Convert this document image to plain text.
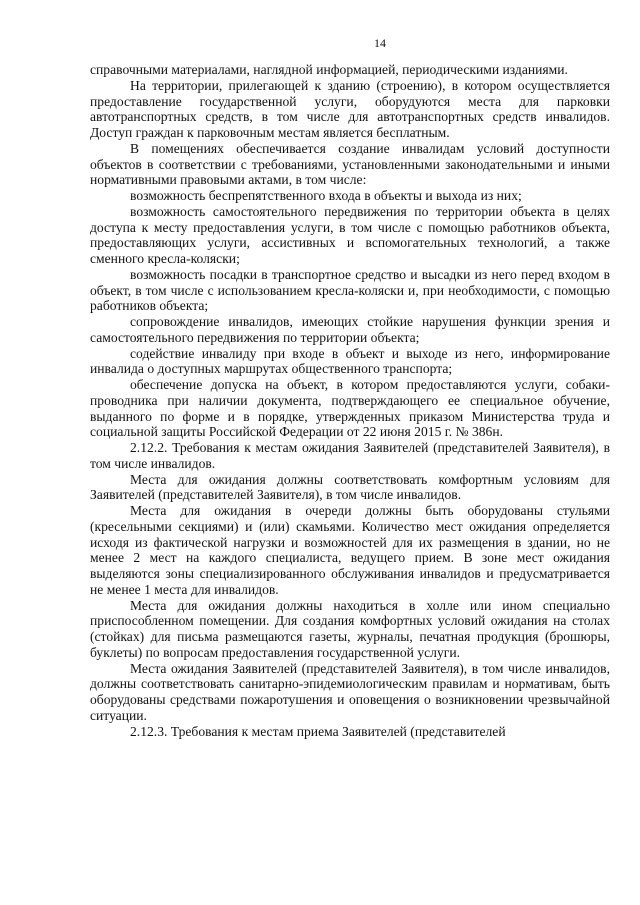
14

справочными материалами, наглядной информацией, периодическими изданиями.

На территории, прилегающей к зданию (строению), в котором осуществляется предоставление государственной услуги, оборудуются места для парковки автотранспортных средств, в том числе для автотранспортных средств инвалидов. Доступ граждан к парковочным местам является бесплатным.

В помещениях обеспечивается создание инвалидам условий доступности объектов в соответствии с требованиями, установленными законодательными и иными нормативными правовыми актами, в том числе:

возможность беспрепятственного входа в объекты и выхода из них;

возможность самостоятельного передвижения по территории объекта в целях доступа к месту предоставления услуги, в том числе с помощью работников объекта, предоставляющих услуги, ассистивных и вспомогательных технологий, а также сменного кресла-коляски;

возможность посадки в транспортное средство и высадки из него перед входом в объект, в том числе с использованием кресла-коляски и, при необходимости, с помощью работников объекта;

сопровождение инвалидов, имеющих стойкие нарушения функции зрения и самостоятельного передвижения по территории объекта;

содействие инвалиду при входе в объект и выходе из него, информирование инвалида о доступных маршрутах общественного транспорта;

обеспечение допуска на объект, в котором предоставляются услуги, собаки-проводника при наличии документа, подтверждающего ее специальное обучение, выданного по форме и в порядке, утвержденных приказом Министерства труда и социальной защиты Российской Федерации от 22 июня 2015 г. № 386н.

2.12.2. Требования к местам ожидания Заявителей (представителей Заявителя), в том числе инвалидов.

Места для ожидания должны соответствовать комфортным условиям для Заявителей (представителей Заявителя), в том числе инвалидов.

Места для ожидания в очереди должны быть оборудованы стульями (кресельными секциями) и (или) скамьями. Количество мест ожидания определяется исходя из фактической нагрузки и возможностей для их размещения в здании, но не менее 2 мест на каждого специалиста, ведущего прием. В зоне мест ожидания выделяются зоны специализированного обслуживания инвалидов и предусматривается не менее 1 места для инвалидов.

Места для ожидания должны находиться в холле или ином специально приспособленном помещении. Для создания комфортных условий ожидания на столах (стойках) для письма размещаются газеты, журналы, печатная продукция (брошюры, буклеты) по вопросам предоставления государственной услуги.

Места ожидания Заявителей (представителей Заявителя), в том числе инвалидов, должны соответствовать санитарно-эпидемиологическим правилам и нормативам, быть оборудованы средствами пожаротушения и оповещения о возникновении чрезвычайной ситуации.

2.12.3. Требования к местам приема Заявителей (представителей
